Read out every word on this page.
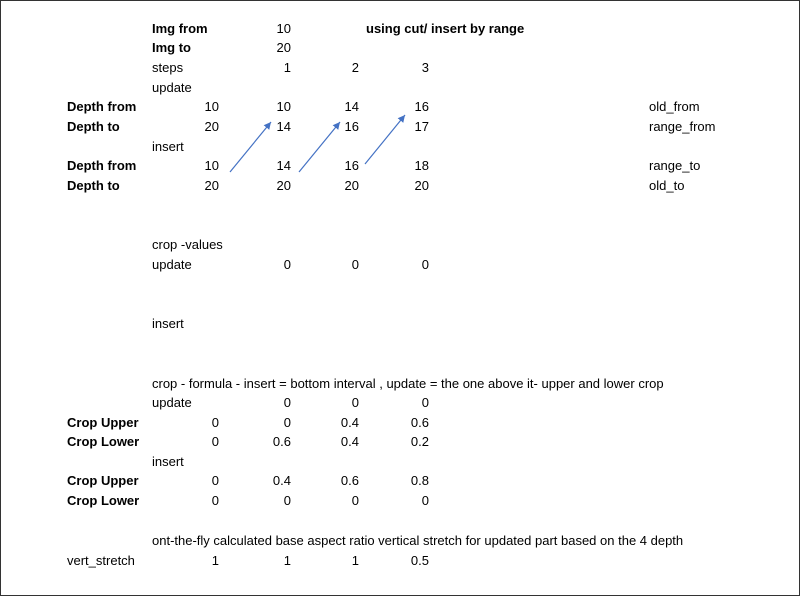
Img from	10	using cut/ insert by range
Img to	20
steps	1	2	3
update
Depth from	10	10	14	16	old_from
Depth to	20	14	16	17	range_from
insert
Depth from	10	14	16	18	range_to
Depth to	20	20	20	20	old_to
crop -values
update	0	0	0
insert
crop - formula - insert = bottom interval , update = the one above it- upper and lower crop
update	0	0	0
Crop Upper	0	0	0.4	0.6
Crop Lower	0	0.6	0.4	0.2
insert
Crop Upper	0	0.4	0.6	0.8
Crop Lower	0	0	0	0
ont-the-fly calculated base aspect ratio vertical stretch for updated part based on the 4 depth
vert_stretch	1	1	1	0.5
